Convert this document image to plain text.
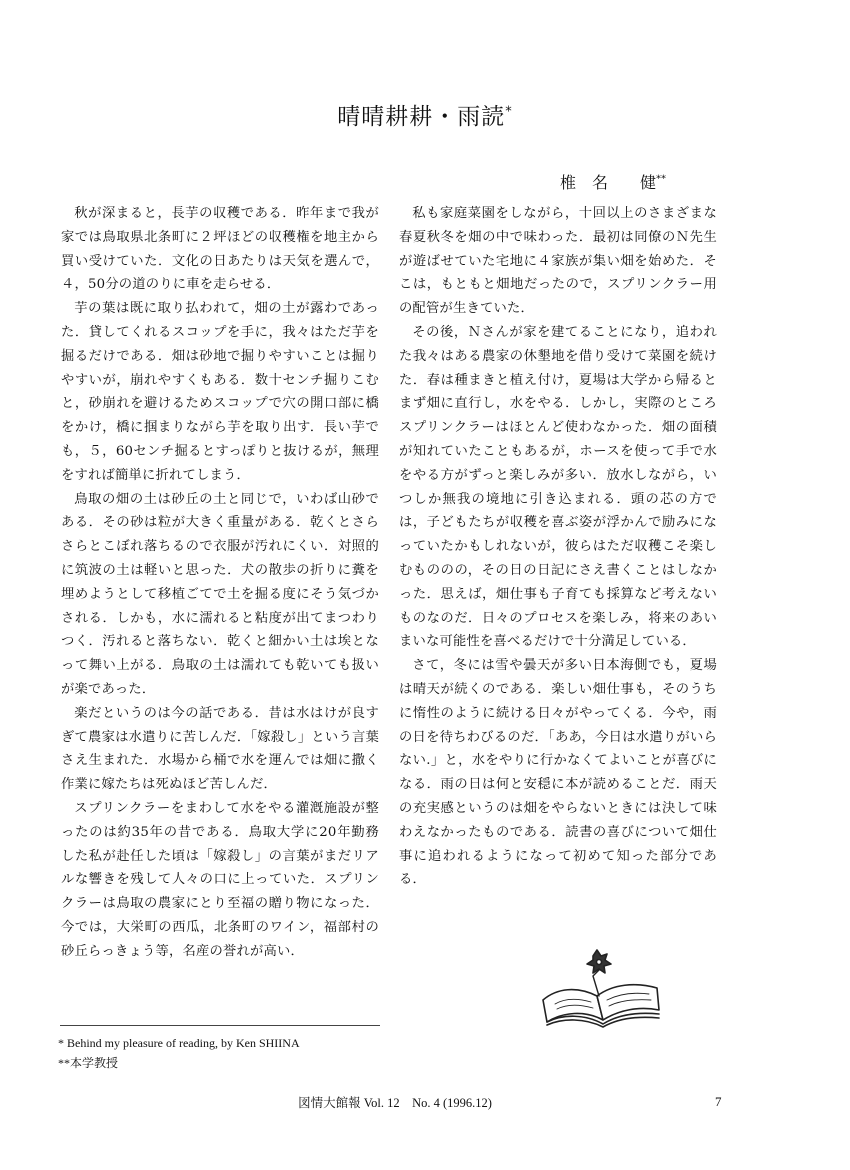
晴晴耕耕・雨読*
椎　名　　健**

秋が深まると，長芋の収穫である．昨年まで我が家では鳥取県北条町に２坪ほどの収穫権を地主から買い受けていた．文化の日あたりは天気を選んで，４，50分の道のりに車を走らせる．

芋の葉は既に取り払われて，畑の土が露わであった．貸してくれるスコップを手に，我々はただ芋を掘るだけである．畑は砂地で掘りやすいことは掘りやすいが，崩れやすくもある．数十センチ掘りこむと，砂崩れを避けるためスコップで穴の開口部に橋をかけ，橋に掴まりながら芋を取り出す．長い芋でも，５，60センチ掘るとすっぽりと抜けるが，無理をすれば簡単に折れてしまう．

鳥取の畑の土は砂丘の土と同じで，いわば山砂である．その砂は粒が大きく重量がある．乾くとさらさらとこぼれ落ちるので衣服が汚れにくい．対照的に筑波の土は軽いと思った．犬の散歩の折りに糞を埋めようとして移植ごてで土を掘る度にそう気づかされる．しかも，水に濡れると粘度が出てまつわりつく．汚れると落ちない．乾くと細かい土は埃となって舞い上がる．鳥取の土は濡れても乾いても扱いが楽であった．

楽だというのは今の話である．昔は水はけが良すぎて農家は水遣りに苦しんだ．「嫁殺し」という言葉さえ生まれた．水場から桶で水を運んでは畑に撒く作業に嫁たちは死ぬほど苦しんだ．

スプリンクラーをまわして水をやる灌漑施設が整ったのは約35年の昔である．鳥取大学に20年勤務した私が赴任した頃は「嫁殺し」の言葉がまだリアルな響きを残して人々の口に上っていた．スプリンクラーは鳥取の農家にとり至福の贈り物になった．今では，大栄町の西瓜，北条町のワイン，福部村の砂丘らっきょう等，名産の誉れが高い．

私も家庭菜園をしながら，十回以上のさまざまな春夏秋冬を畑の中で味わった．最初は同僚のＮ先生が遊ばせていた宅地に４家族が集い畑を始めた．そこは，もともと畑地だったので，スプリンクラー用の配管が生きていた．

その後，Ｎさんが家を建てることになり，追われた我々はある農家の休墾地を借り受けて菜園を続けた．春は種まきと植え付け，夏場は大学から帰るとまず畑に直行し，水をやる．しかし，実際のところスプリンクラーはほとんど使わなかった．畑の面積が知れていたこともあるが，ホースを使って手で水をやる方がずっと楽しみが多い．放水しながら，いつしか無我の境地に引き込まれる．頭の芯の方では，子どもたちが収穫を喜ぶ姿が浮かんで励みになっていたかもしれないが，彼らはただ収穫こそ楽しむもののの，その日の日記にさえ書くことはしなかった．思えば，畑仕事も子育ても採算など考えないものなのだ．日々のプロセスを楽しみ，将来のあいまいな可能性を喜べるだけで十分満足している．

さて，冬には雪や曇天が多い日本海側でも，夏場は晴天が続くのである．楽しい畑仕事も，そのうちに惰性のように続ける日々がやってくる．今や，雨の日を待ちわびるのだ．「ああ，今日は水遣りがいらない.」と，水をやりに行かなくてよいことが喜びになる．雨の日は何と安穏に本が読めることだ．雨天の充実感というのは畑をやらないときには決して味わえなかったものである．読書の喜びについて畑仕事に追われるようになって初めて知った部分である．

* Behind my pleasure of reading, by Ken SHIINA
**本学教授
図情大館報 Vol. 12　No. 4 (1996.12)	7
